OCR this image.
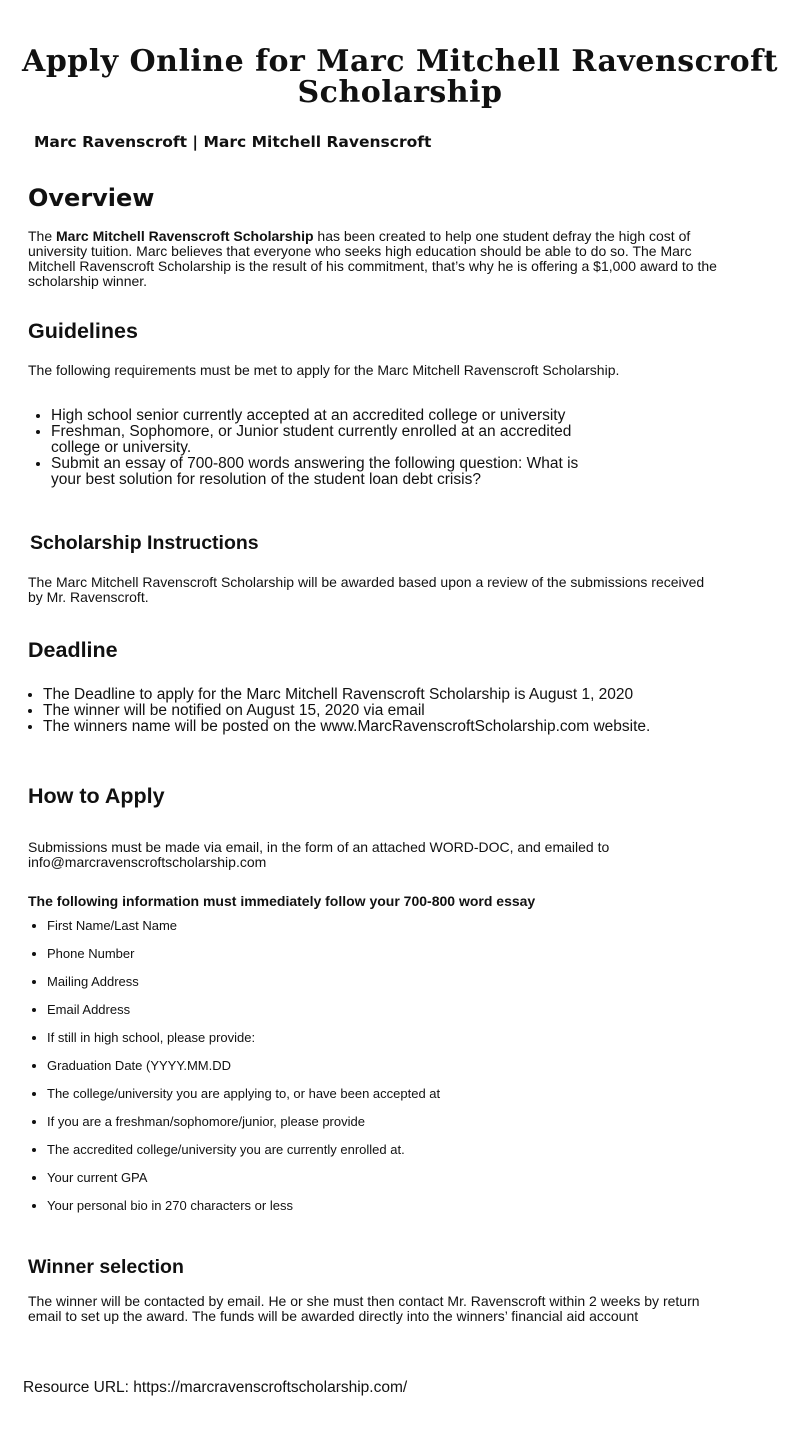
Apply Online for Marc Mitchell Ravenscroft Scholarship
Marc Ravenscroft | Marc Mitchell Ravenscroft
Overview

The Marc Mitchell Ravenscroft Scholarship has been created to help one student defray the high cost of university tuition. Marc believes that everyone who seeks high education should be able to do so. The Marc Mitchell Ravenscroft Scholarship is the result of his commitment, that’s why he is offering a $1,000 award to the scholarship winner.

Guidelines

The following requirements must be met to apply for the Marc Mitchell Ravenscroft Scholarship.

• High school senior currently accepted at an accredited college or university
• Freshman, Sophomore, or Junior student currently enrolled at an accredited college or university.
• Submit an essay of 700-800 words answering the following question: What is your best solution for resolution of the student loan debt crisis?
Scholarship Instructions

The Marc Mitchell Ravenscroft Scholarship will be awarded based upon a review of the submissions received by Mr. Ravenscroft.

Deadline
• The Deadline to apply for the Marc Mitchell Ravenscroft Scholarship is August 1, 2020
• The winner will be notified on August 15, 2020 via email
• The winners name will be posted on the www.MarcRavenscroftScholarship.com website.
How to Apply

Submissions must be made via email, in the form of an attached WORD-DOC, and emailed to info@marcravenscroftscholarship.com

The following information must immediately follow your 700-800 word essay

• First Name/Last Name
• Phone Number
• Mailing Address
• Email Address
• If still in high school, please provide:
• Graduation Date (YYYY.MM.DD
• The college/university you are applying to, or have been accepted at
• If you are a freshman/sophomore/junior, please provide
• The accredited college/university you are currently enrolled at.
• Your current GPA
• Your personal bio in 270 characters or less
Winner selection

The winner will be contacted by email. He or she must then contact Mr. Ravenscroft within 2 weeks by return email to set up the award. The funds will be awarded directly into the winners’ financial aid account

Resource URL: https://marcravenscroftscholarship.com/
